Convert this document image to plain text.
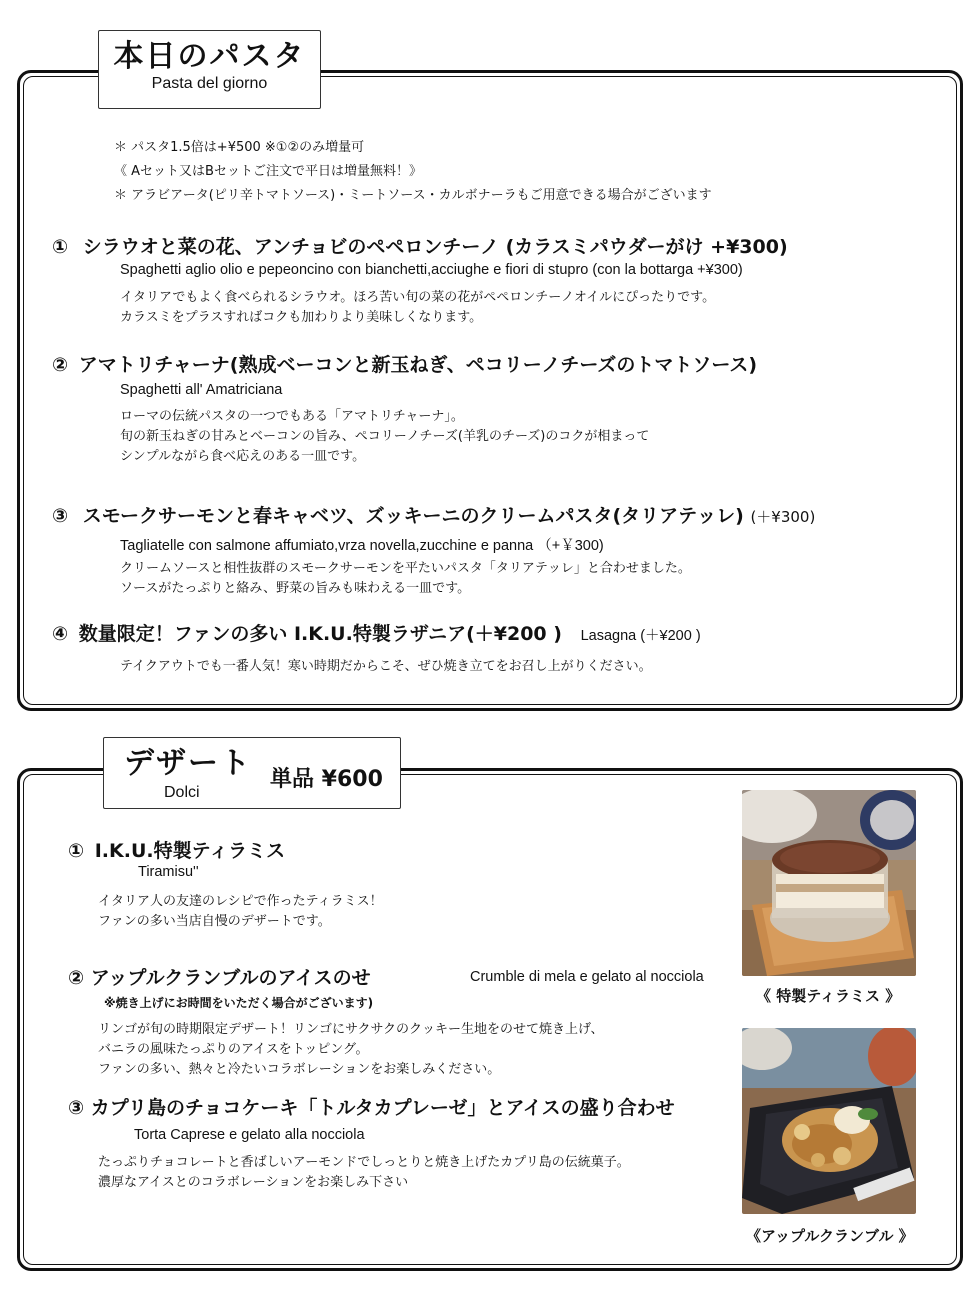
本日のパスタ
Pasta del giorno
＊ パスタ1.5倍は+¥500 ※①②のみ増量可
《 Aセット又はBセットご注文で平日は増量無料！》
＊ アラビアータ(ピリ辛トマトソース)・ミートソース・カルボナーラもご用意できる場合がございます
① シラウオと菜の花、アンチョビのペペロンチーノ (カラスミパウダーがけ +¥300)
Spaghetti aglio olio e pepeoncino con bianchetti,acciughe e fiori di stupro (con la bottarga +¥300)
イタリアでもよく食べられるシラウオ。ほろ苦い旬の菜の花がペペロンチーノオイルにぴったりです。
カラスミをプラスすればコクも加わりより美味しくなります。
② アマトリチャーナ(熟成ベーコンと新玉ねぎ、ペコリーノチーズのトマトソース)
Spaghetti all' Amatriciana
ローマの伝統パスタの一つでもある「アマトリチャーナ」。
旬の新玉ねぎの甘みとベーコンの旨み、ペコリーノチーズ(羊乳のチーズ)のコクが相まって
シンプルながら食べ応えのある一皿です。
③ スモークサーモンと春キャベツ、ズッキーニのクリームパスタ(タリアテッレ) (＋¥300)
Tagliatelle con salmone affumiato,vrza novella,zucchine e panna （+￥300)
クリームソースと相性抜群のスモークサーモンを平たいパスタ「タリアテッレ」と合わせました。
ソースがたっぷりと絡み、野菜の旨みも味わえる一皿です。
④ 数量限定！ファンの多い I.K.U.特製ラザニア(＋¥200 ) Lasagna (＋¥200 )
テイクアウトでも一番人気！寒い時期だからこそ、ぜひ焼き立てをお召し上がりください。
デザート
Dolci
単品 ¥600
① I.K.U.特製ティラミス
Tiramisu''
イタリア人の友達のレシピで作ったティラミス！
ファンの多い当店自慢のデザートです。
② アップルクランブルのアイスのせ	Crumble di mela e gelato al nocciola
※焼き上げにお時間をいただく場合がございます)
リンゴが旬の時期限定デザート！リンゴにサクサクのクッキー生地をのせて焼き上げ、
バニラの風味たっぷりのアイスをトッピング。
ファンの多い、熱々と冷たいコラボレーションをお楽しみください。
③ カプリ島のチョコケーキ「トルタカプレーゼ」とアイスの盛り合わせ
Torta Caprese e gelato alla nocciola
たっぷりチョコレートと香ばしいアーモンドでしっとりと焼き上げたカプリ島の伝統菓子。
濃厚なアイスとのコラボレーションをお楽しみ下さい
《 特製ティラミス 》
《アップルクランブル 》
